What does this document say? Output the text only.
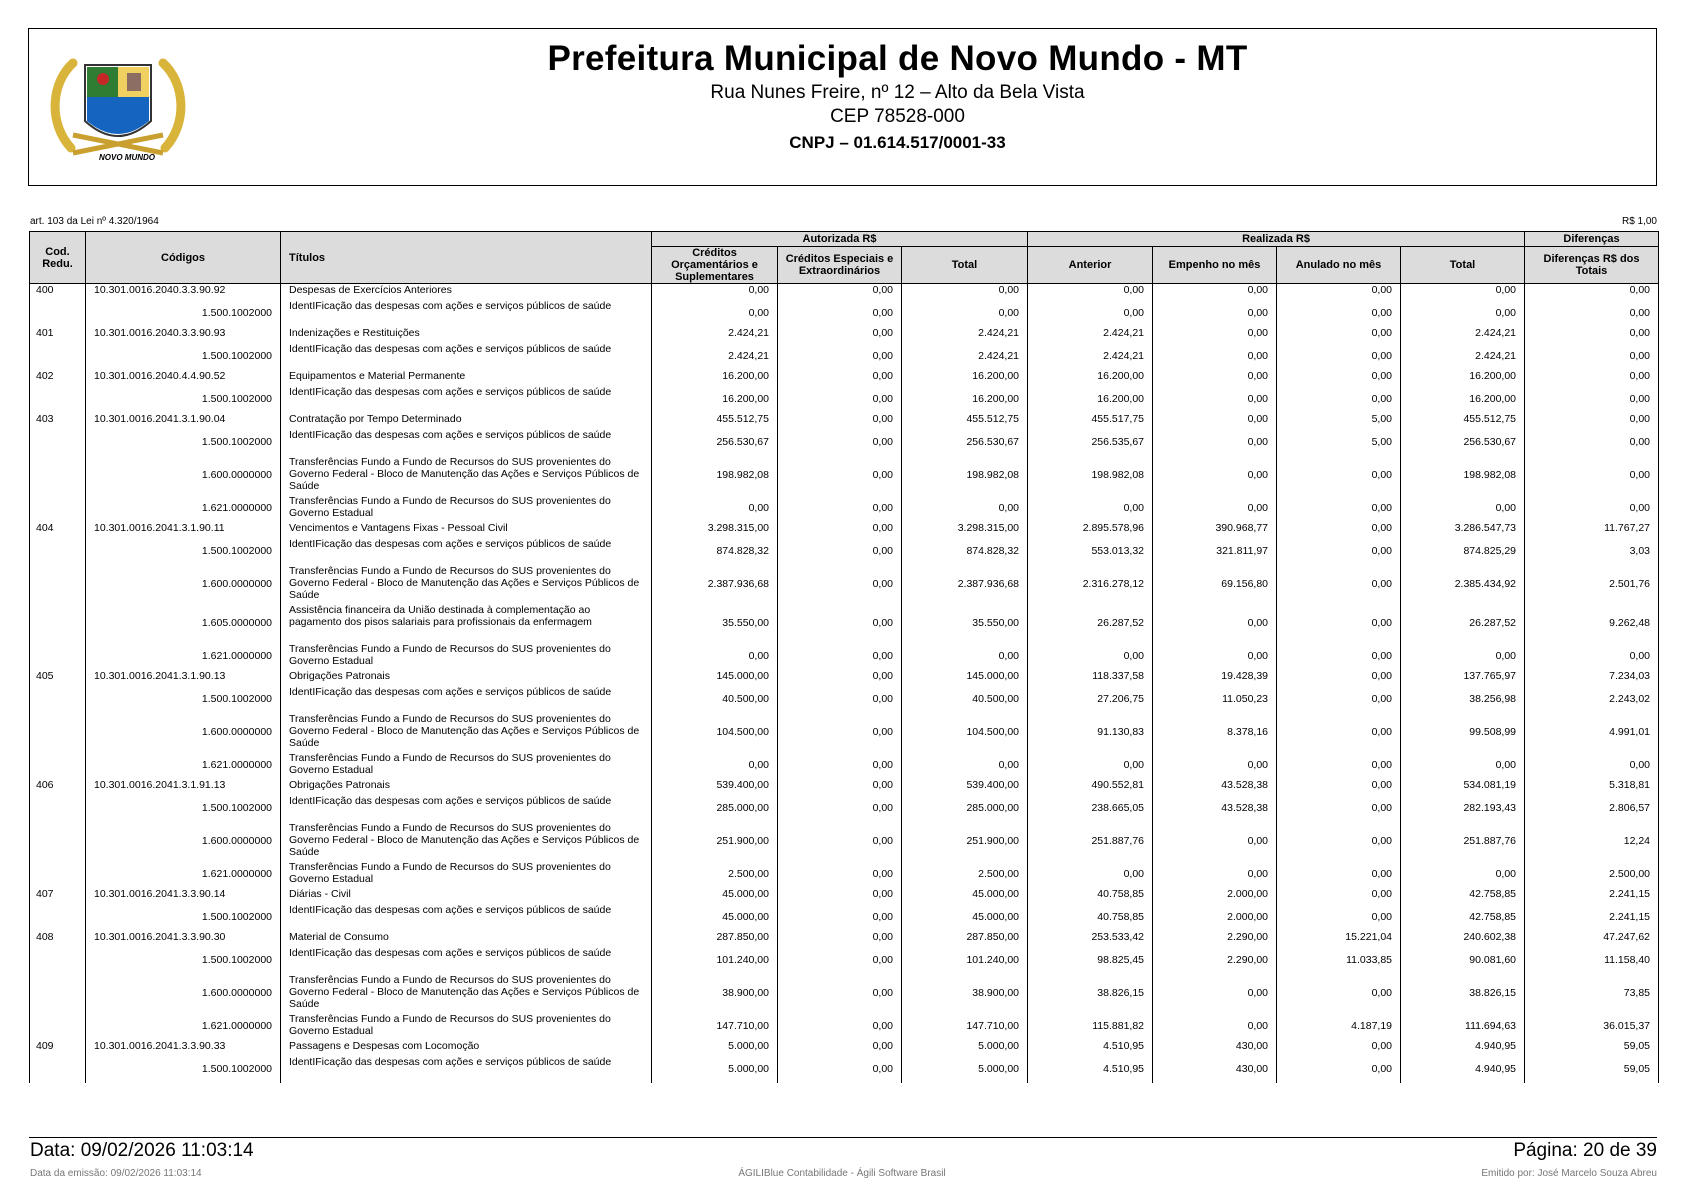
NOVO MUNDO
Prefeitura Municipal de Novo Mundo - MT
Rua Nunes Freire, nº 12 – Alto da Bela Vista
CEP 78528-000
CNPJ – 01.614.517/0001-33
art. 103 da Lei nº 4.320/1964	R$ 1,00
Cod. Redu.	Códigos	Títulos	Autorizada R$			Realizada R$				Diferenças
			Créditos Orçamentários e Suplementares	Créditos Especiais e Extraordinários	Total	Anterior	Empenho no mês	Anulado no mês	Total	Diferenças R$ dos Totais
400	10.301.0016.2040.3.3.90.92	Despesas de Exercícios Anteriores	0,00	0,00	0,00	0,00	0,00	0,00	0,00	0,00
	1.500.1002000	IdentIFicação das despesas com ações e serviços públicos de saúde	0,00	0,00	0,00	0,00	0,00	0,00	0,00	0,00
401	10.301.0016.2040.3.3.90.93	Indenizações e Restituições	2.424,21	0,00	2.424,21	2.424,21	0,00	0,00	2.424,21	0,00
	1.500.1002000	IdentIFicação das despesas com ações e serviços públicos de saúde	2.424,21	0,00	2.424,21	2.424,21	0,00	0,00	2.424,21	0,00
402	10.301.0016.2040.4.4.90.52	Equipamentos e Material Permanente	16.200,00	0,00	16.200,00	16.200,00	0,00	0,00	16.200,00	0,00
	1.500.1002000	IdentIFicação das despesas com ações e serviços públicos de saúde	16.200,00	0,00	16.200,00	16.200,00	0,00	0,00	16.200,00	0,00
403	10.301.0016.2041.3.1.90.04	Contratação por Tempo Determinado	455.512,75	0,00	455.512,75	455.517,75	0,00	5,00	455.512,75	0,00
	1.500.1002000	IdentIFicação das despesas com ações e serviços públicos de saúde	256.530,67	0,00	256.530,67	256.535,67	0,00	5,00	256.530,67	0,00
	1.600.0000000	Transferências Fundo a Fundo de Recursos do SUS provenientes do Governo Federal - Bloco de Manutenção das Ações e Serviços Públicos de Saúde	198.982,08	0,00	198.982,08	198.982,08	0,00	0,00	198.982,08	0,00
	1.621.0000000	Transferências Fundo a Fundo de Recursos do SUS provenientes do Governo Estadual	0,00	0,00	0,00	0,00	0,00	0,00	0,00	0,00
404	10.301.0016.2041.3.1.90.11	Vencimentos e Vantagens Fixas - Pessoal Civil	3.298.315,00	0,00	3.298.315,00	2.895.578,96	390.968,77	0,00	3.286.547,73	11.767,27
	1.500.1002000	IdentIFicação das despesas com ações e serviços públicos de saúde	874.828,32	0,00	874.828,32	553.013,32	321.811,97	0,00	874.825,29	3,03
	1.600.0000000	Transferências Fundo a Fundo de Recursos do SUS provenientes do Governo Federal - Bloco de Manutenção das Ações e Serviços Públicos de Saúde	2.387.936,68	0,00	2.387.936,68	2.316.278,12	69.156,80	0,00	2.385.434,92	2.501,76
	1.605.0000000	Assistência financeira da União destinada à complementação ao pagamento dos pisos salariais para profissionais da enfermagem	35.550,00	0,00	35.550,00	26.287,52	0,00	0,00	26.287,52	9.262,48
	1.621.0000000	Transferências Fundo a Fundo de Recursos do SUS provenientes do Governo Estadual	0,00	0,00	0,00	0,00	0,00	0,00	0,00	0,00
405	10.301.0016.2041.3.1.90.13	Obrigações Patronais	145.000,00	0,00	145.000,00	118.337,58	19.428,39	0,00	137.765,97	7.234,03
	1.500.1002000	IdentIFicação das despesas com ações e serviços públicos de saúde	40.500,00	0,00	40.500,00	27.206,75	11.050,23	0,00	38.256,98	2.243,02
	1.600.0000000	Transferências Fundo a Fundo de Recursos do SUS provenientes do Governo Federal - Bloco de Manutenção das Ações e Serviços Públicos de Saúde	104.500,00	0,00	104.500,00	91.130,83	8.378,16	0,00	99.508,99	4.991,01
	1.621.0000000	Transferências Fundo a Fundo de Recursos do SUS provenientes do Governo Estadual	0,00	0,00	0,00	0,00	0,00	0,00	0,00	0,00
406	10.301.0016.2041.3.1.91.13	Obrigações Patronais	539.400,00	0,00	539.400,00	490.552,81	43.528,38	0,00	534.081,19	5.318,81
	1.500.1002000	IdentIFicação das despesas com ações e serviços públicos de saúde	285.000,00	0,00	285.000,00	238.665,05	43.528,38	0,00	282.193,43	2.806,57
	1.600.0000000	Transferências Fundo a Fundo de Recursos do SUS provenientes do Governo Federal - Bloco de Manutenção das Ações e Serviços Públicos de Saúde	251.900,00	0,00	251.900,00	251.887,76	0,00	0,00	251.887,76	12,24
	1.621.0000000	Transferências Fundo a Fundo de Recursos do SUS provenientes do Governo Estadual	2.500,00	0,00	2.500,00	0,00	0,00	0,00	0,00	2.500,00
407	10.301.0016.2041.3.3.90.14	Diárias - Civil	45.000,00	0,00	45.000,00	40.758,85	2.000,00	0,00	42.758,85	2.241,15
	1.500.1002000	IdentIFicação das despesas com ações e serviços públicos de saúde	45.000,00	0,00	45.000,00	40.758,85	2.000,00	0,00	42.758,85	2.241,15
408	10.301.0016.2041.3.3.90.30	Material de Consumo	287.850,00	0,00	287.850,00	253.533,42	2.290,00	15.221,04	240.602,38	47.247,62
	1.500.1002000	IdentIFicação das despesas com ações e serviços públicos de saúde	101.240,00	0,00	101.240,00	98.825,45	2.290,00	11.033,85	90.081,60	11.158,40
	1.600.0000000	Transferências Fundo a Fundo de Recursos do SUS provenientes do Governo Federal - Bloco de Manutenção das Ações e Serviços Públicos de Saúde	38.900,00	0,00	38.900,00	38.826,15	0,00	0,00	38.826,15	73,85
	1.621.0000000	Transferências Fundo a Fundo de Recursos do SUS provenientes do Governo Estadual	147.710,00	0,00	147.710,00	115.881,82	0,00	4.187,19	111.694,63	36.015,37
409	10.301.0016.2041.3.3.90.33	Passagens e Despesas com Locomoção	5.000,00	0,00	5.000,00	4.510,95	430,00	0,00	4.940,95	59,05
	1.500.1002000	IdentIFicação das despesas com ações e serviços públicos de saúde	5.000,00	0,00	5.000,00	4.510,95	430,00	0,00	4.940,95	59,05
Data: 09/02/2026 11:03:14	Página: 20 de 39
Data da emissão: 09/02/2026 11:03:14	ÁGILIBlue Contabilidade - Ágili Software Brasil	Emitido por: José Marcelo Souza Abreu
